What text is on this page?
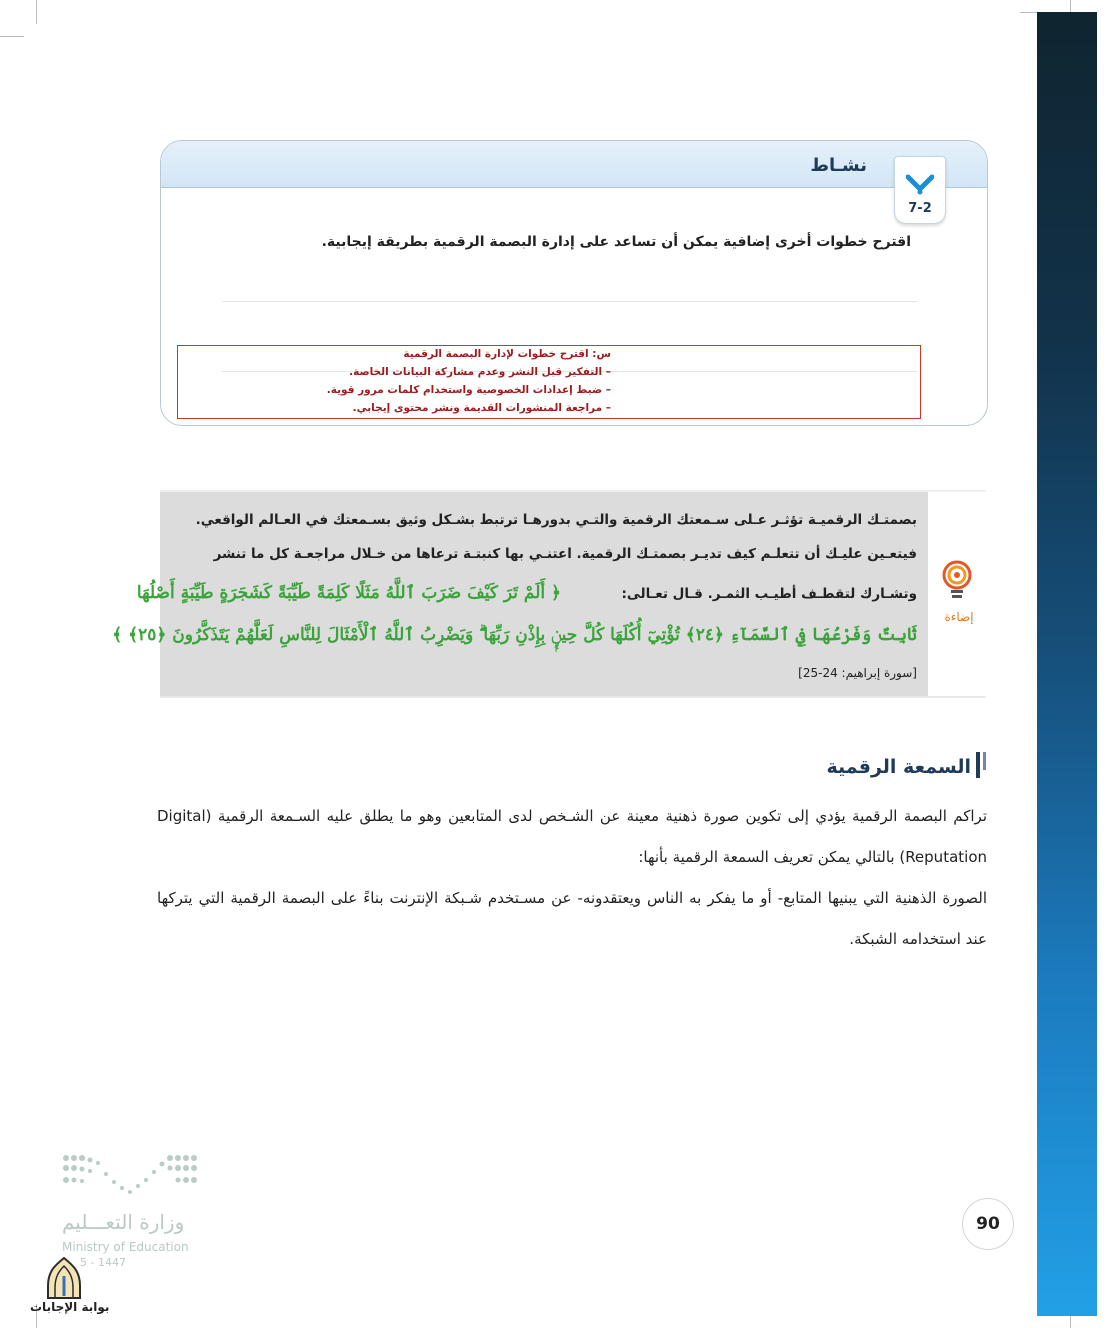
نشـاط
7-2
اقترح خطوات أخرى إضافية يمكن أن تساعد على إدارة البصمة الرقمية بطريقة إيجابية.
س: اقترح خطوات لإدارة البصمة الرقمية
– التفكير قبل النشر وعدم مشاركة البيانات الخاصة.
– ضبط إعدادات الخصوصية واستخدام كلمات مرور قوية.
– مراجعة المنشورات القديمة ونشر محتوى إيجابي.
إضاءة
بصمتـك الرقميـة تؤثـر عـلى سـمعتك الرقمية والتـي بدورهـا ترتبط بشـكل وثيق بسـمعتك في العـالم الواقعي.
فيتعـين عليـك أن تتعلـم كيف تديـر بصمتـك الرقمية. اعتنـي بها كنبتـة ترعاها من خـلال مراجعـة كل ما تنشر
وتشـارك لتقطـف أطيـب الثمـر. قـال تعـالى:
﴿ أَلَمْ تَرَ كَيْفَ ضَرَبَ ٱللَّهُ مَثَلًا كَلِمَةً طَيِّبَةً كَشَجَرَةٍ طَيِّبَةٍ أَصْلُهَا
ثَابِتٌ وَفَرْعُهَا فِي ٱلسَّمَآءِ ﴿٢٤﴾ تُؤْتِيٓ أُكُلَهَا كُلَّ حِينٍۭ بِإِذْنِ رَبِّهَا ۗ وَيَضْرِبُ ٱللَّهُ ٱلْأَمْثَالَ لِلنَّاسِ لَعَلَّهُمْ يَتَذَكَّرُونَ ﴿٢٥﴾ ﴾
[سورة إبراهيم: 24-25]
السمعة الرقمية
تراكم البصمة الرقمية يؤدي إلى تكوين صورة ذهنية معينة عن الشـخص لدى المتابعين وهو ما يطلق عليه السـمعة الرقمية (Digital Reputation) بالتالي يمكن تعريف السمعة الرقمية بأنها:
الصورة الذهنية التي يبنيها المتابع- أو ما يفكر به الناس ويعتقدونه- عن مسـتخدم شـبكة الإنترنت بناءً على البصمة الرقمية التي يتركها عند استخدامه الشبكة.
وزارة التعـــليم
Ministry of Education
5 - 1447
بوابة الإجابات
90
